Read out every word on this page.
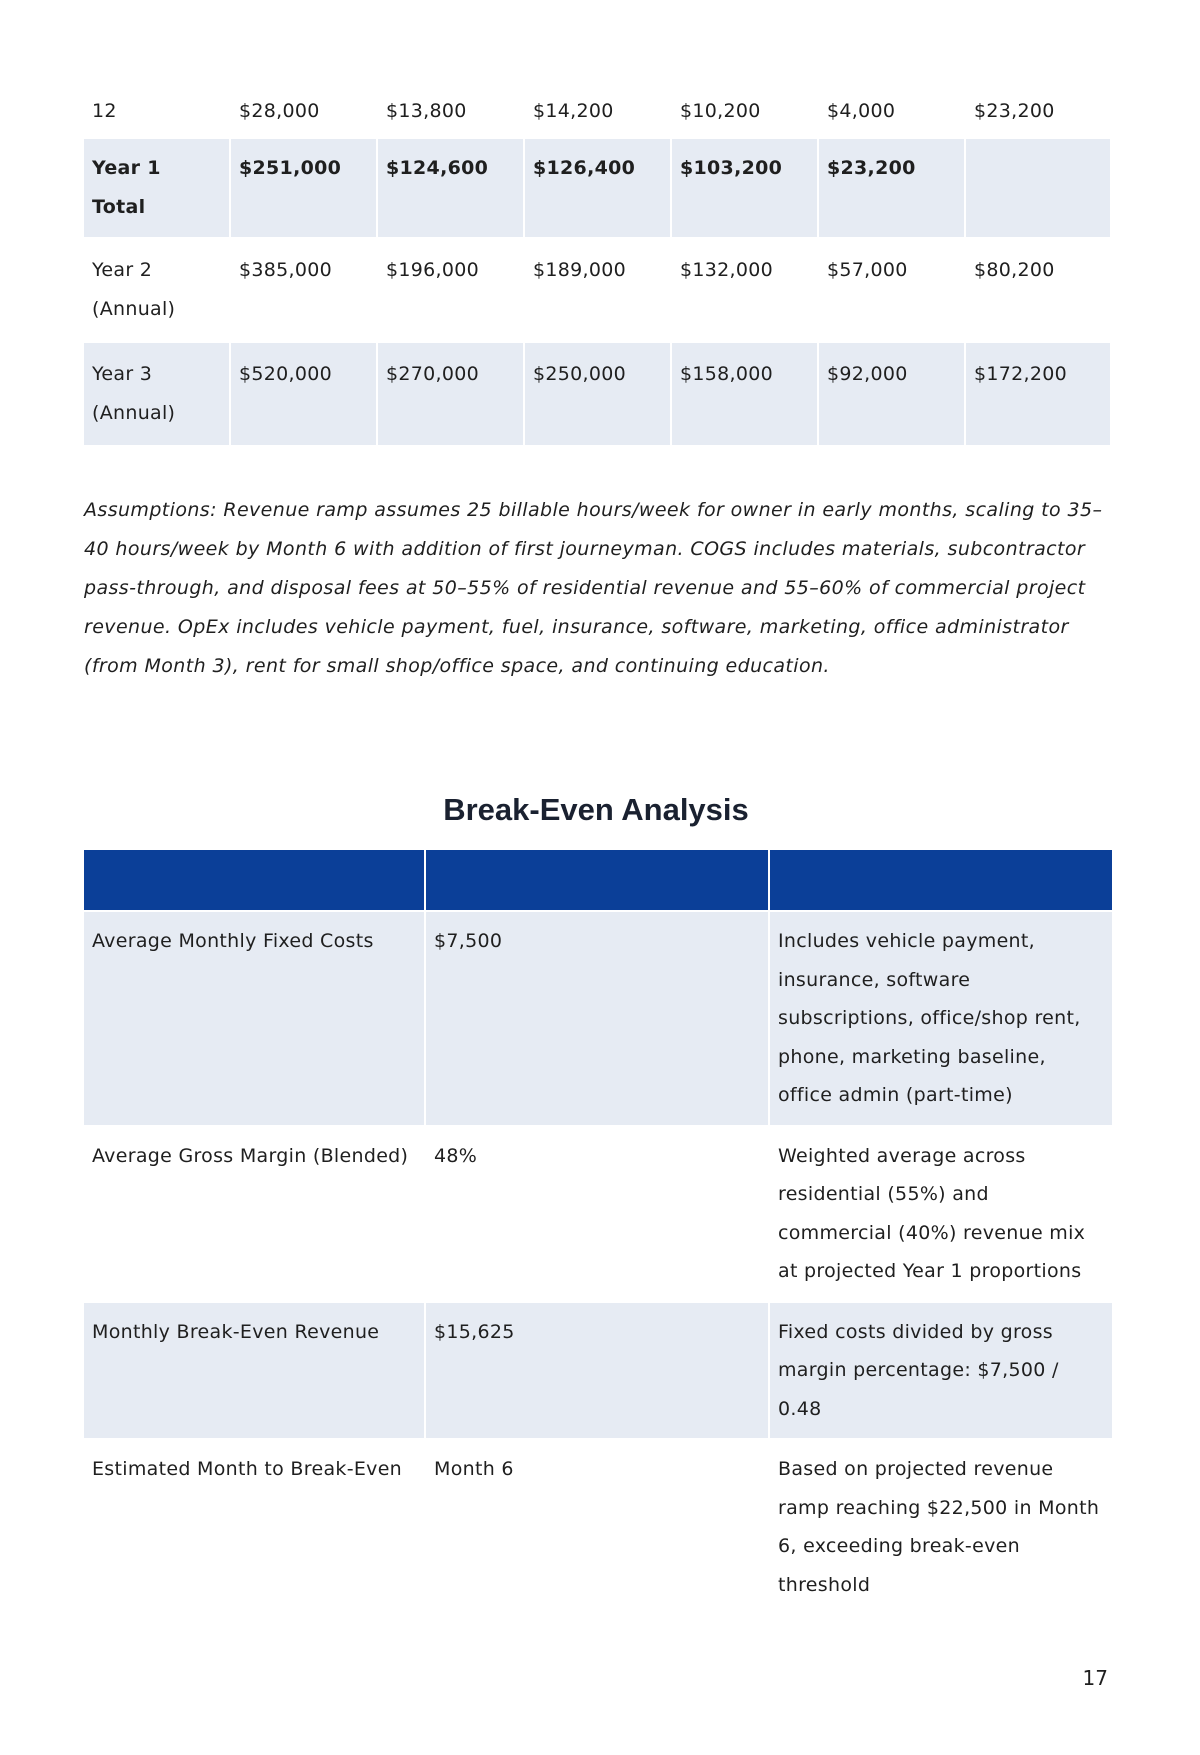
12	$28,000	$13,800	$14,200	$10,200	$4,000	$23,200
Year 1 Total	$251,000	$124,600	$126,400	$103,200	$23,200	
Year 2 (Annual)	$385,000	$196,000	$189,000	$132,000	$57,000	$80,200
Year 3 (Annual)	$520,000	$270,000	$250,000	$158,000	$92,000	$172,200

Assumptions: Revenue ramp assumes 25 billable hours/week for owner in early months, scaling to 35–40 hours/week by Month 6 with addition of first journeyman. COGS includes materials, subcontractor pass-through, and disposal fees at 50–55% of residential revenue and 55–60% of commercial project revenue. OpEx includes vehicle payment, fuel, insurance, software, marketing, office administrator (from Month 3), rent for small shop/office space, and continuing education.

Break-Even Analysis

Average Monthly Fixed Costs	$7,500	Includes vehicle payment, insurance, software subscriptions, office/shop rent, phone, marketing baseline, office admin (part-time)
Average Gross Margin (Blended)	48%	Weighted average across residential (55%) and commercial (40%) revenue mix at projected Year 1 proportions
Monthly Break-Even Revenue	$15,625	Fixed costs divided by gross margin percentage: $7,500 / 0.48
Estimated Month to Break-Even	Month 6	Based on projected revenue ramp reaching $22,500 in Month 6, exceeding break-even threshold
17
